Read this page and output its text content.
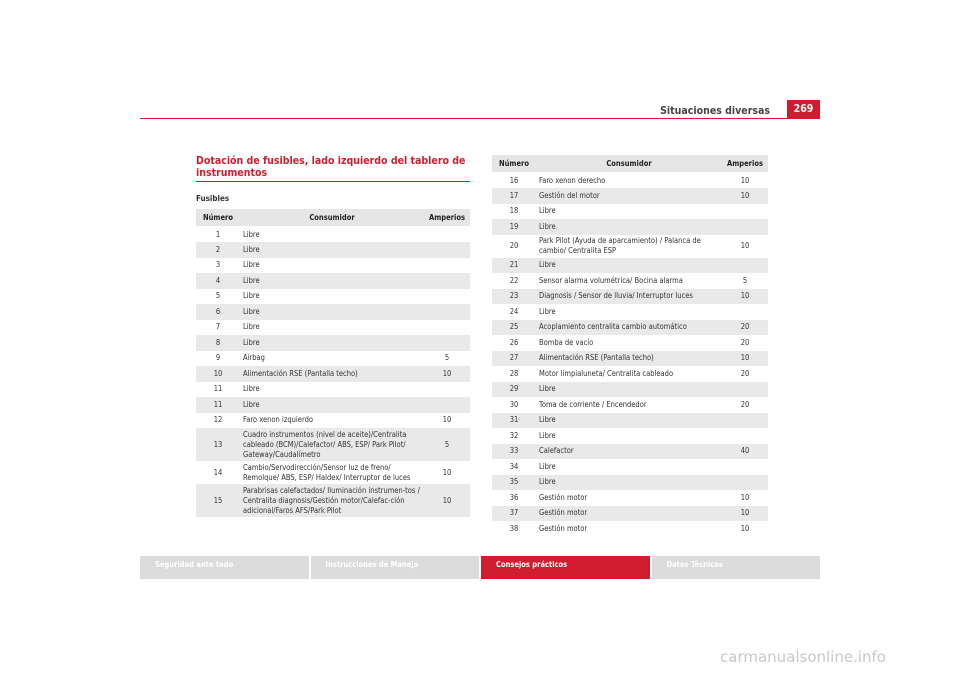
Situaciones diversas	269
Dotación de fusibles, lado izquierdo del tablero de instrumentos
Fusibles
Número	Consumidor	Amperios
1	Libre	
2	Libre	
3	Libre	
4	Libre	
5	Libre	
6	Libre	
7	Libre	
8	Libre	
9	Airbag	5
10	Alimentación RSE (Pantalla techo)	10
11	Libre	
11	Libre	
12	Faro xenon izquierdo	10
13	Cuadro instrumentos (nivel de aceite)/Centralita cableado (BCM)/Calefactor/ ABS, ESP/ Park Pilot/ Gateway/Caudalímetro	5
14	Cambio/Servodirección/Sensor luz de freno/ Remolque/ ABS, ESP/ Haldex/ Interruptor de luces	10
15	Parabrisas calefactados/ Iluminación instrumen-tos / Centralita diagnosis/Gestión motor/Calefac-ción adicional/Faros AFS/Park Pilot	10
Número	Consumidor	Amperios
16	Faro xenon derecho	10
17	Gestión del motor	10
18	Libre	
19	Libre	
20	Park Pilot (Ayuda de aparcamiento) / Palanca de cambio/ Centralita ESP	10
21	Libre	
22	Sensor alarma volumétrica/ Bocina alarma	5
23	Diagnosis / Sensor de lluvia/ Interruptor luces	10
24	Libre	
25	Acoplamiento centralita cambio automático	20
26	Bomba de vacío	20
27	Alimentación RSE (Pantalla techo)	10
28	Motor limpialuneta/ Centralita cableado	20
29	Libre	
30	Toma de corriente / Encendedor	20
31	Libre	
32	Libre	
33	Calefactor	40
34	Libre	
35	Libre	
36	Gestión motor	10
37	Gestión motor	10
38	Gestión motor	10
Seguridad ante todo	Instrucciones de Manejo	Consejos prácticos	Datos Técnicos
carmanualsonline.info
